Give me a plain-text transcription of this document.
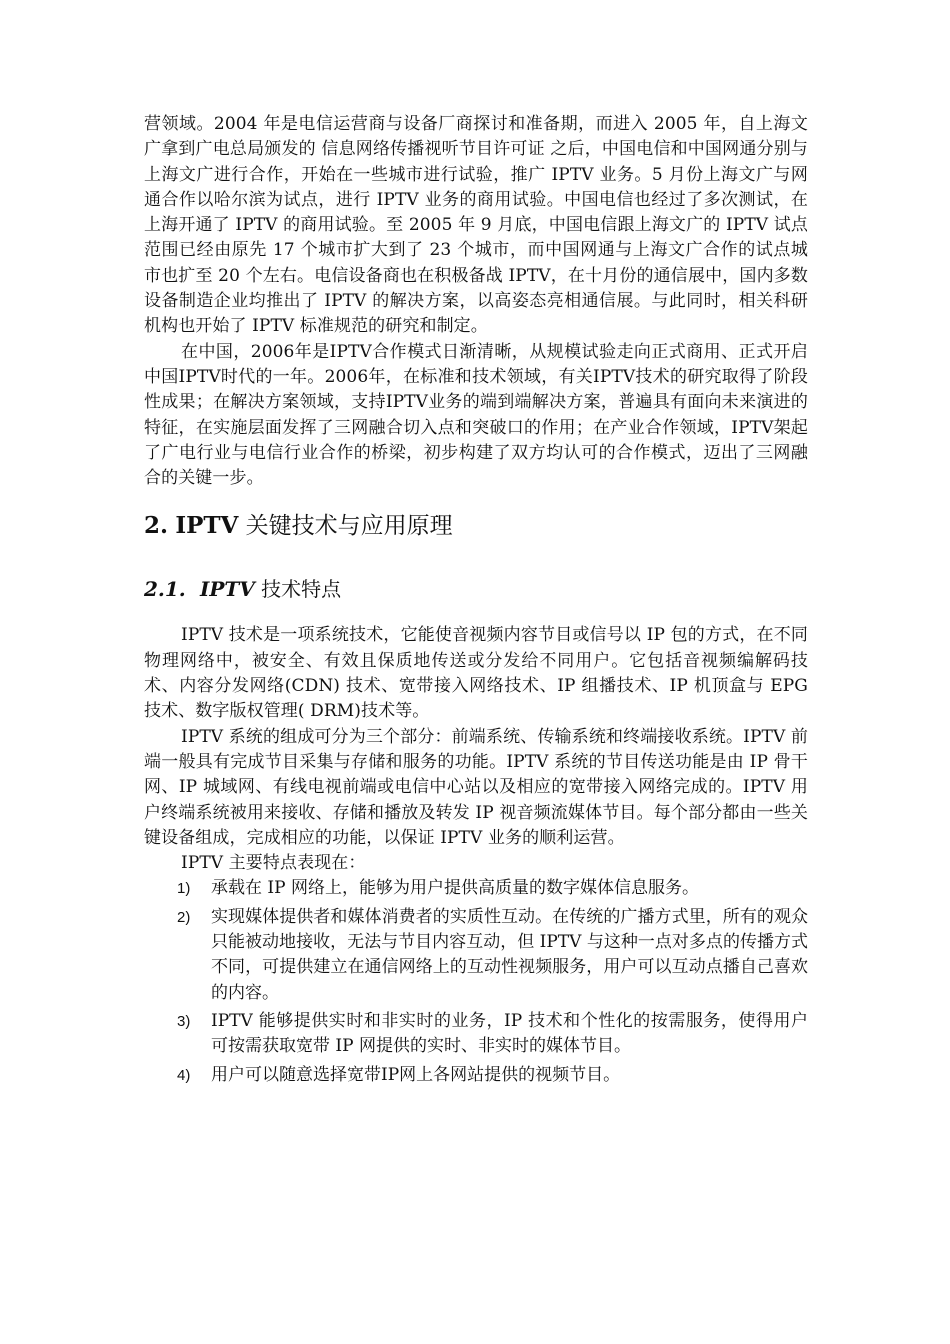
营领域。2004 年是电信运营商与设备厂商探讨和准备期，而进入 2005 年，自上海文广拿到广电总局颁发的 信息网络传播视听节目许可证 之后，中国电信和中国网通分别与上海文广进行合作，开始在一些城市进行试验，推广 IPTV 业务。5 月份上海文广与网通合作以哈尔滨为试点，进行 IPTV 业务的商用试验。中国电信也经过了多次测试，在上海开通了 IPTV 的商用试验。至 2005 年 9 月底，中国电信跟上海文广的 IPTV 试点范围已经由原先 17 个城市扩大到了 23 个城市，而中国网通与上海文广合作的试点城市也扩至 20 个左右。电信设备商也在积极备战 IPTV，在十月份的通信展中，国内多数设备制造企业均推出了 IPTV 的解决方案，以高姿态亮相通信展。与此同时，相关科研机构也开始了 IPTV 标准规范的研究和制定。

在中国，2006年是IPTV合作模式日渐清晰，从规模试验走向正式商用、正式开启中国IPTV时代的一年。2006年，在标准和技术领域，有关IPTV技术的研究取得了阶段性成果；在解决方案领域，支持IPTV业务的端到端解决方案，普遍具有面向未来演进的特征，在实施层面发挥了三网融合切入点和突破口的作用；在产业合作领域，IPTV架起了广电行业与电信行业合作的桥梁，初步构建了双方均认可的合作模式，迈出了三网融合的关键一步。

2. IPTV 关键技术与应用原理
2.1. IPTV 技术特点

IPTV 技术是一项系统技术，它能使音视频内容节目或信号以 IP 包的方式，在不同物理网络中，被安全、有效且保质地传送或分发给不同用户。它包括音视频编解码技术、内容分发网络(CDN) 技术、宽带接入网络技术、IP 组播技术、IP 机顶盒与 EPG 技术、数字版权管理( DRM)技术等。

IPTV 系统的组成可分为三个部分：前端系统、传输系统和终端接收系统。IPTV 前端一般具有完成节目采集与存储和服务的功能。IPTV 系统的节目传送功能是由 IP 骨干网、IP 城域网、有线电视前端或电信中心站以及相应的宽带接入网络完成的。IPTV 用户终端系统被用来接收、存储和播放及转发 IP 视音频流媒体节目。每个部分都由一些关键设备组成，完成相应的功能，以保证 IPTV 业务的顺利运营。

IPTV 主要特点表现在：

1) 承载在 IP 网络上，能够为用户提供高质量的数字媒体信息服务。
2) 实现媒体提供者和媒体消费者的实质性互动。在传统的广播方式里，所有的观众只能被动地接收，无法与节目内容互动，但 IPTV 与这种一点对多点的传播方式不同，可提供建立在通信网络上的互动性视频服务，用户可以互动点播自己喜欢的内容。
3) IPTV 能够提供实时和非实时的业务，IP 技术和个性化的按需服务，使得用户可按需获取宽带 IP 网提供的实时、非实时的媒体节目。
4) 用户可以随意选择宽带IP网上各网站提供的视频节目。
